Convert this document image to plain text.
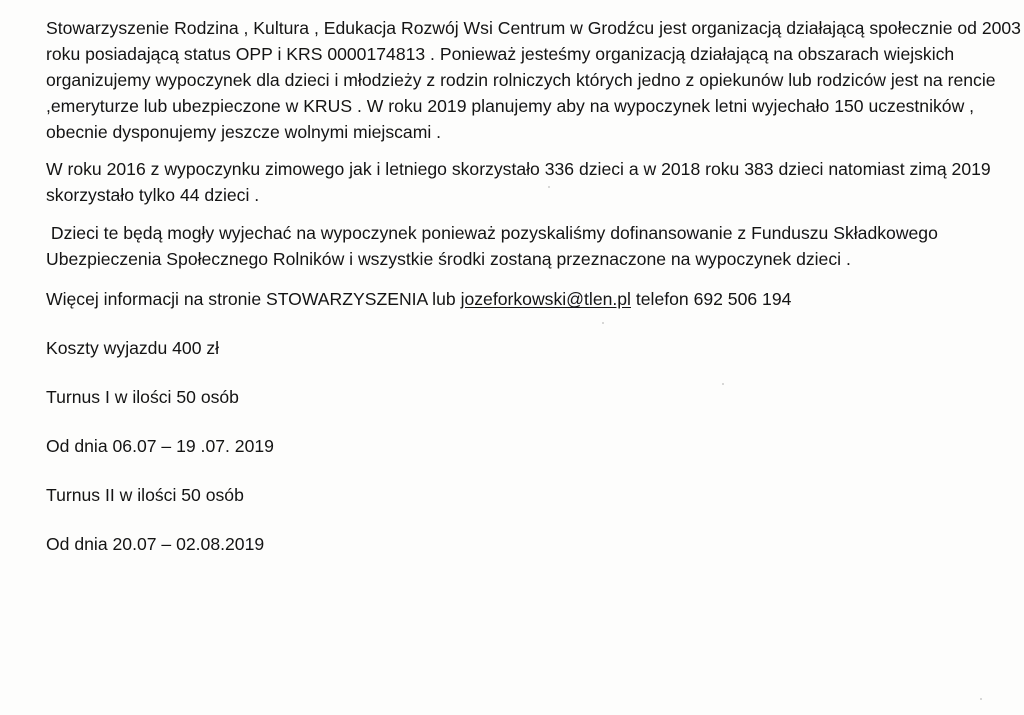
Stowarzyszenie Rodzina , Kultura , Edukacja Rozwój Wsi Centrum w Grodźcu jest organizacją działającą społecznie od 2003 roku posiadającą status OPP i KRS 0000174813 . Ponieważ jesteśmy organizacją działającą na obszarach wiejskich organizujemy wypoczynek dla dzieci i młodzieży z rodzin rolniczych których jedno z opiekunów lub rodziców jest na rencie ,emeryturze lub ubezpieczone w KRUS . W roku 2019 planujemy aby na wypoczynek letni wyjechało 150 uczestników , obecnie dysponujemy jeszcze wolnymi miejscami .

W roku 2016 z wypoczynku zimowego jak i letniego skorzystało 336 dzieci a w 2018 roku 383 dzieci natomiast zimą 2019 skorzystało tylko 44 dzieci .

Dzieci te będą mogły wyjechać na wypoczynek ponieważ pozyskaliśmy dofinansowanie z Funduszu Składkowego Ubezpieczenia Społecznego Rolników i wszystkie środki zostaną przeznaczone na wypoczynek dzieci .

Więcej informacji na stronie STOWARZYSZENIA lub jozeforkowski@tlen.pl telefon 692 506 194

Koszty wyjazdu 400 zł

Turnus I w ilości 50 osób

Od dnia 06.07 – 19 .07. 2019

Turnus II w ilości 50 osób

Od dnia 20.07 – 02.08.2019
